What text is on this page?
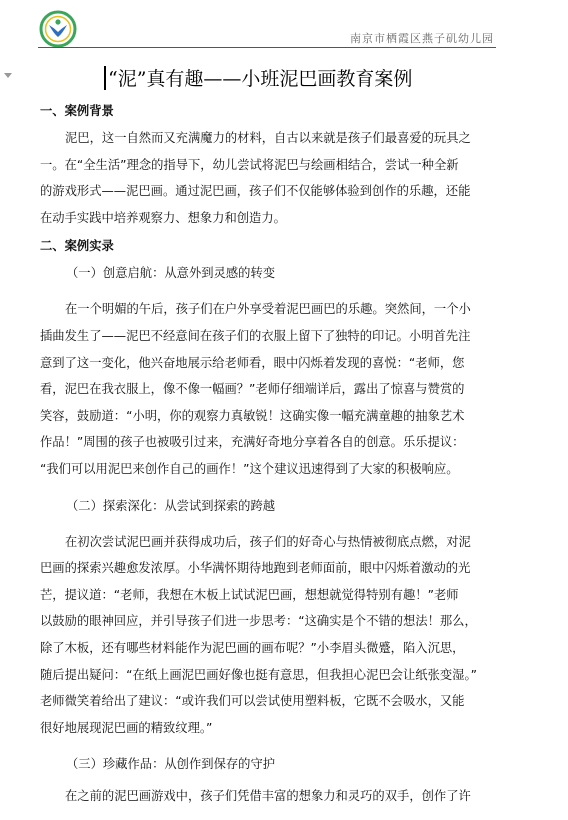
南京市栖霞区燕子矶幼儿园
“泥”真有趣——小班泥巴画教育案例
一、案例背景
泥巴，这一自然而又充满魔力的材料，自古以来就是孩子们最喜爱的玩具之
一。在“全生活”理念的指导下，幼儿尝试将泥巴与绘画相结合，尝试一种全新
的游戏形式——泥巴画。通过泥巴画，孩子们不仅能够体验到创作的乐趣，还能
在动手实践中培养观察力、想象力和创造力。
二、案例实录
（一）创意启航：从意外到灵感的转变
在一个明媚的午后，孩子们在户外享受着泥巴画巴的乐趣。突然间，一个小
插曲发生了——泥巴不经意间在孩子们的衣服上留下了独特的印记。小明首先注
意到了这一变化，他兴奋地展示给老师看，眼中闪烁着发现的喜悦：“老师，您
看，泥巴在我衣服上，像不像一幅画？”老师仔细端详后，露出了惊喜与赞赏的
笑容，鼓励道：“小明，你的观察力真敏锐！这确实像一幅充满童趣的抽象艺术
作品！”周围的孩子也被吸引过来，充满好奇地分享着各自的创意。乐乐提议：
“我们可以用泥巴来创作自己的画作！”这个建议迅速得到了大家的积极响应。
（二）探索深化：从尝试到探索的跨越
在初次尝试泥巴画并获得成功后，孩子们的好奇心与热情被彻底点燃，对泥
巴画的探索兴趣愈发浓厚。小华满怀期待地跑到老师面前，眼中闪烁着激动的光
芒，提议道：“老师，我想在木板上试试泥巴画，想想就觉得特别有趣！”老师
以鼓励的眼神回应，并引导孩子们进一步思考：“这确实是个不错的想法！那么，
除了木板，还有哪些材料能作为泥巴画的画布呢？”小李眉头微蹙，陷入沉思，
随后提出疑问：“在纸上画泥巴画好像也挺有意思，但我担心泥巴会让纸张变湿。”
老师微笑着给出了建议：“或许我们可以尝试使用塑料板，它既不会吸水，又能
很好地展现泥巴画的精致纹理。”
（三）珍藏作品：从创作到保存的守护
在之前的泥巴画游戏中，孩子们凭借丰富的想象力和灵巧的双手，创作了许
